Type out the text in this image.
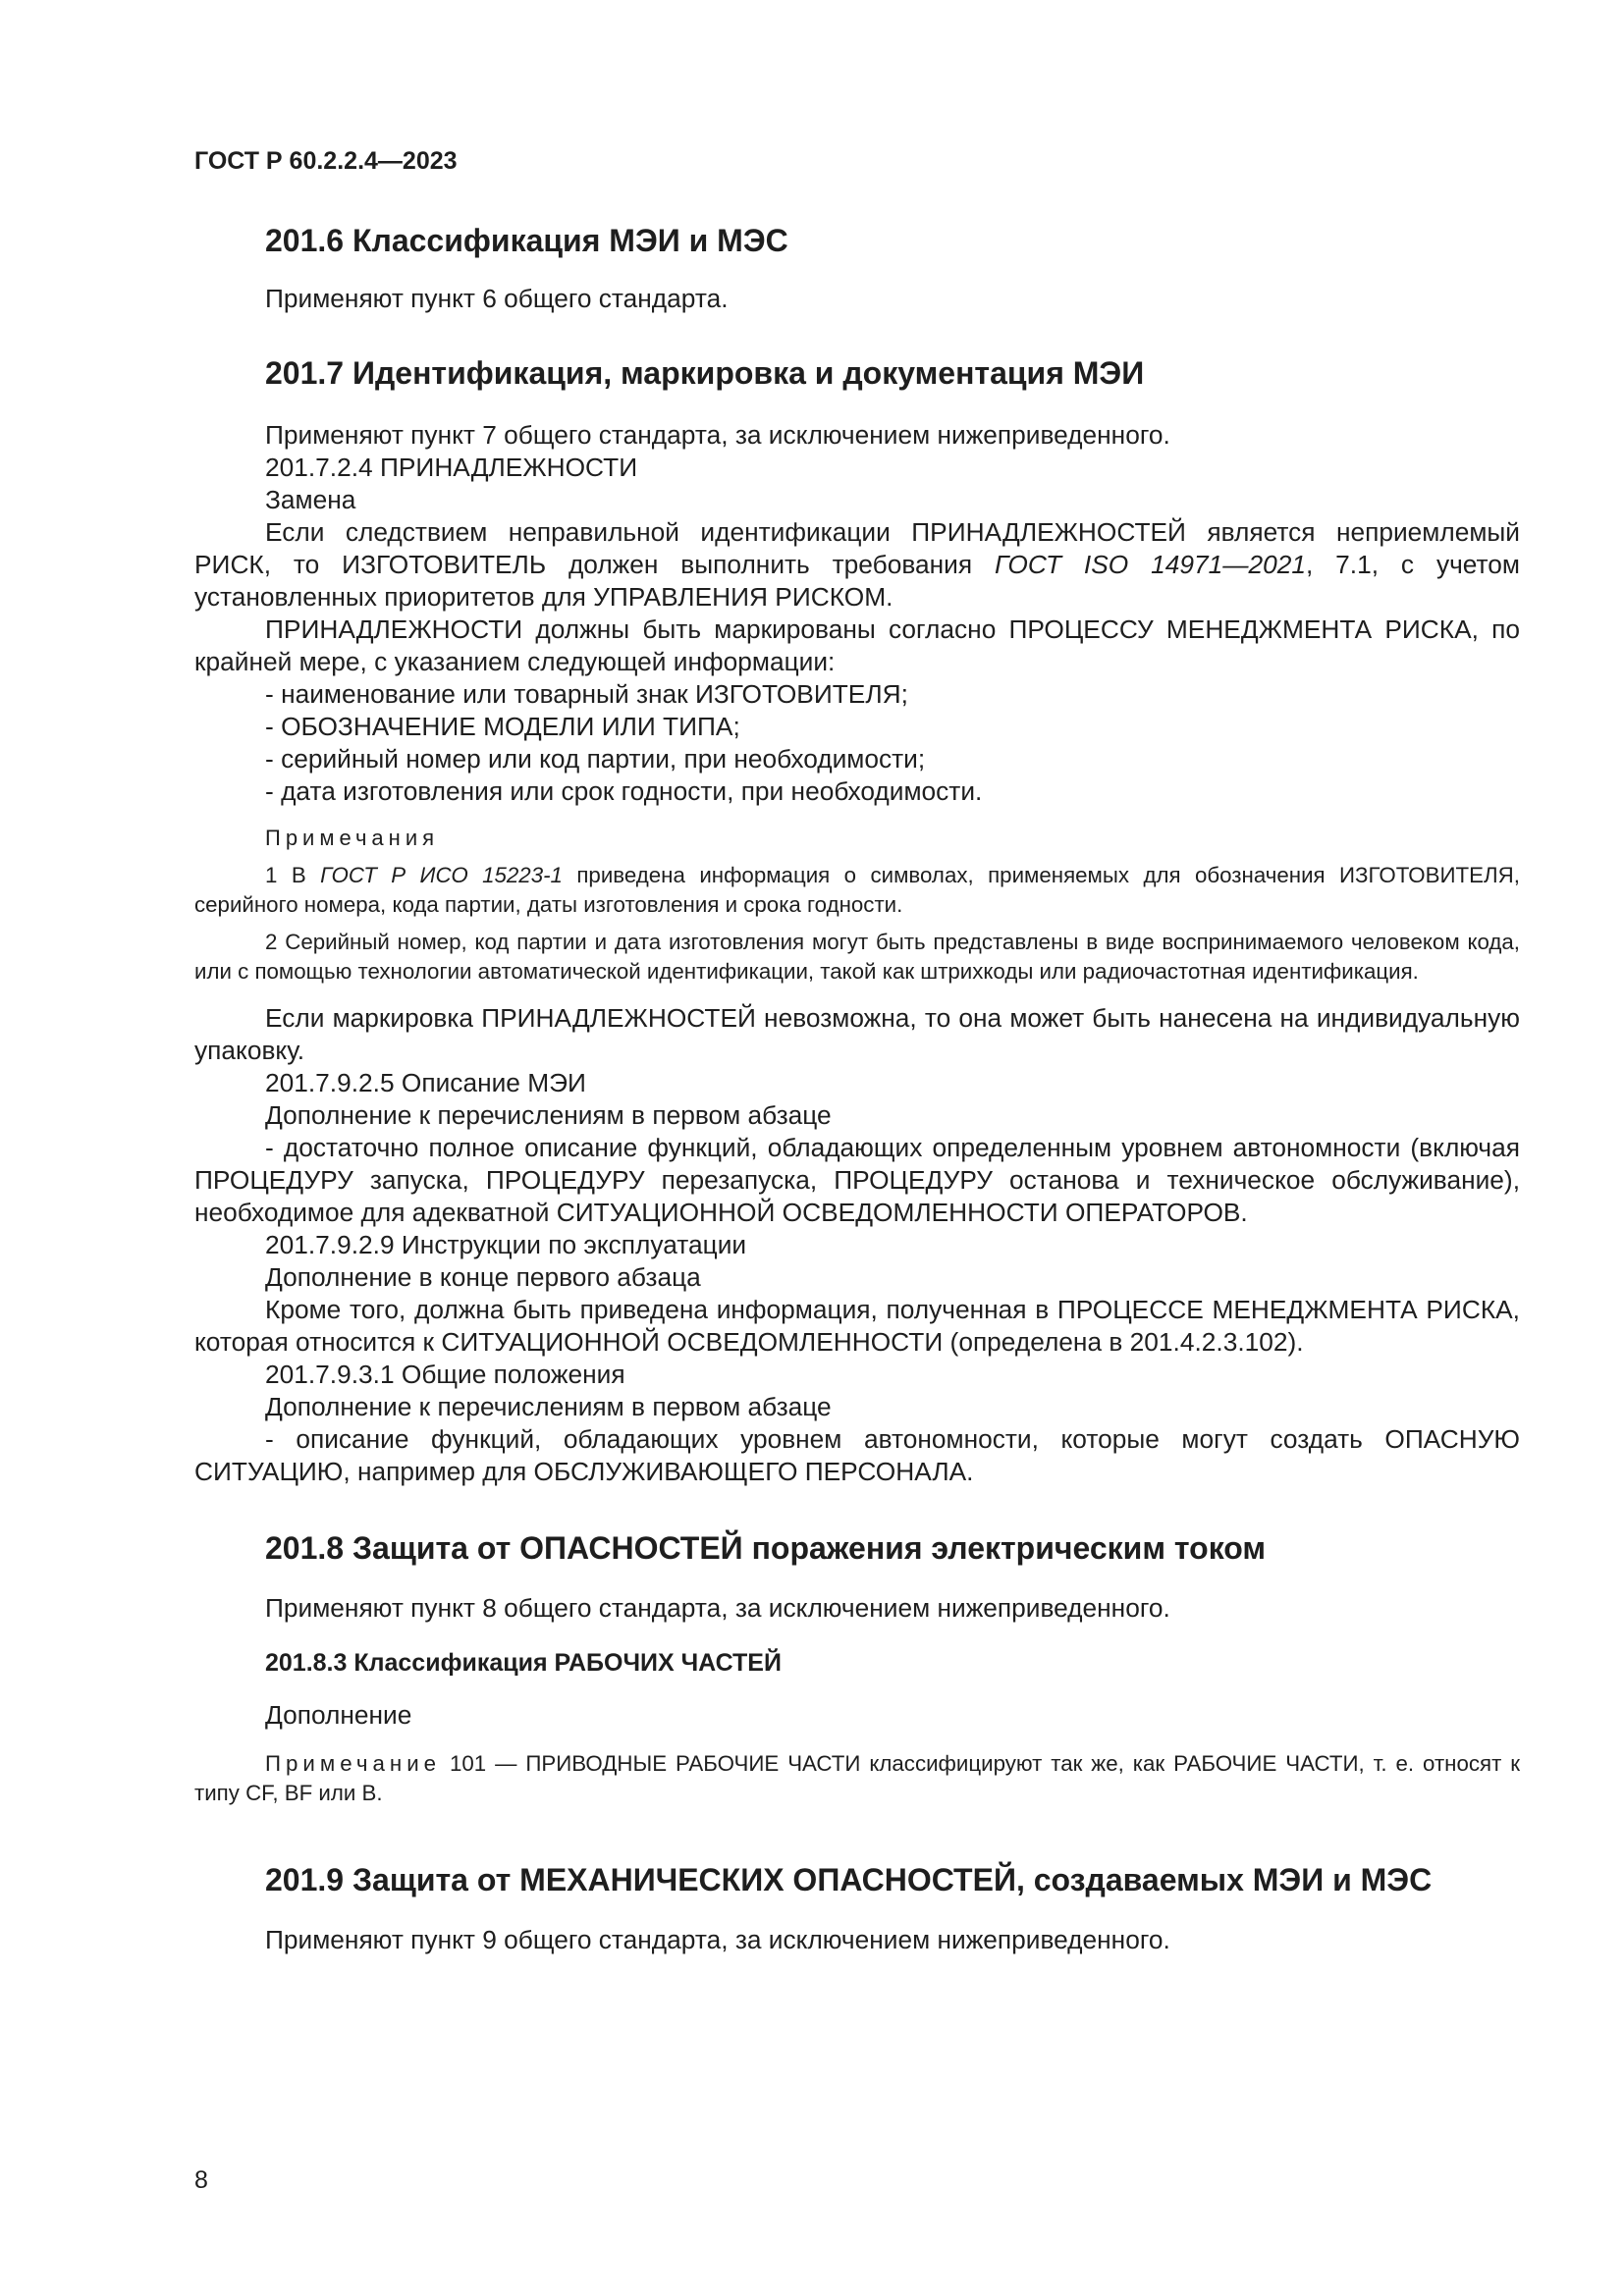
ГОСТ Р 60.2.2.4—2023
201.6 Классификация МЭИ и МЭС

Применяют пункт 6 общего стандарта.

201.7 Идентификация, маркировка и документация МЭИ

Применяют пункт 7 общего стандарта, за исключением нижеприведенного.

201.7.2.4 ПРИНАДЛЕЖНОСТИ

Замена

Если следствием неправильной идентификации ПРИНАДЛЕЖНОСТЕЙ является неприемлемый РИСК, то ИЗГОТОВИТЕЛЬ должен выполнить требования ГОСТ ISO 14971—2021, 7.1, с учетом установленных приоритетов для УПРАВЛЕНИЯ РИСКОМ.

ПРИНАДЛЕЖНОСТИ должны быть маркированы согласно ПРОЦЕССУ МЕНЕДЖМЕНТА РИСКА, по крайней мере, с указанием следующей информации:

- наименование или товарный знак ИЗГОТОВИТЕЛЯ;

- ОБОЗНАЧЕНИЕ МОДЕЛИ ИЛИ ТИПА;

- серийный номер или код партии, при необходимости;

- дата изготовления или срок годности, при необходимости.

Примечания

1 В ГОСТ Р ИСО 15223-1 приведена информация о символах, применяемых для обозначения ИЗГОТОВИТЕЛЯ, серийного номера, кода партии, даты изготовления и срока годности.

2 Серийный номер, код партии и дата изготовления могут быть представлены в виде воспринимаемого человеком кода, или с помощью технологии автоматической идентификации, такой как штрихкоды или радиочастотная идентификация.

Если маркировка ПРИНАДЛЕЖНОСТЕЙ невозможна, то она может быть нанесена на индивидуальную упаковку.

201.7.9.2.5 Описание МЭИ

Дополнение к перечислениям в первом абзаце

- достаточно полное описание функций, обладающих определенным уровнем автономности (включая ПРОЦЕДУРУ запуска, ПРОЦЕДУРУ перезапуска, ПРОЦЕДУРУ останова и техническое обслуживание), необходимое для адекватной СИТУАЦИОННОЙ ОСВЕДОМЛЕННОСТИ ОПЕРАТОРОВ.

201.7.9.2.9 Инструкции по эксплуатации

Дополнение в конце первого абзаца

Кроме того, должна быть приведена информация, полученная в ПРОЦЕССЕ МЕНЕДЖМЕНТА РИСКА, которая относится к СИТУАЦИОННОЙ ОСВЕДОМЛЕННОСТИ (определена в 201.4.2.3.102).

201.7.9.3.1 Общие положения

Дополнение к перечислениям в первом абзаце

- описание функций, обладающих уровнем автономности, которые могут создать ОПАСНУЮ СИТУАЦИЮ, например для ОБСЛУЖИВАЮЩЕГО ПЕРСОНАЛА.

201.8 Защита от ОПАСНОСТЕЙ поражения электрическим током

Применяют пункт 8 общего стандарта, за исключением нижеприведенного.

201.8.3 Классификация РАБОЧИХ ЧАСТЕЙ

Дополнение

Примечание 101 — ПРИВОДНЫЕ РАБОЧИЕ ЧАСТИ классифицируют так же, как РАБОЧИЕ ЧАСТИ, т. е. относят к типу CF, BF или B.

201.9 Защита от МЕХАНИЧЕСКИХ ОПАСНОСТЕЙ, создаваемых МЭИ и МЭС

Применяют пункт 9 общего стандарта, за исключением нижеприведенного.

8
